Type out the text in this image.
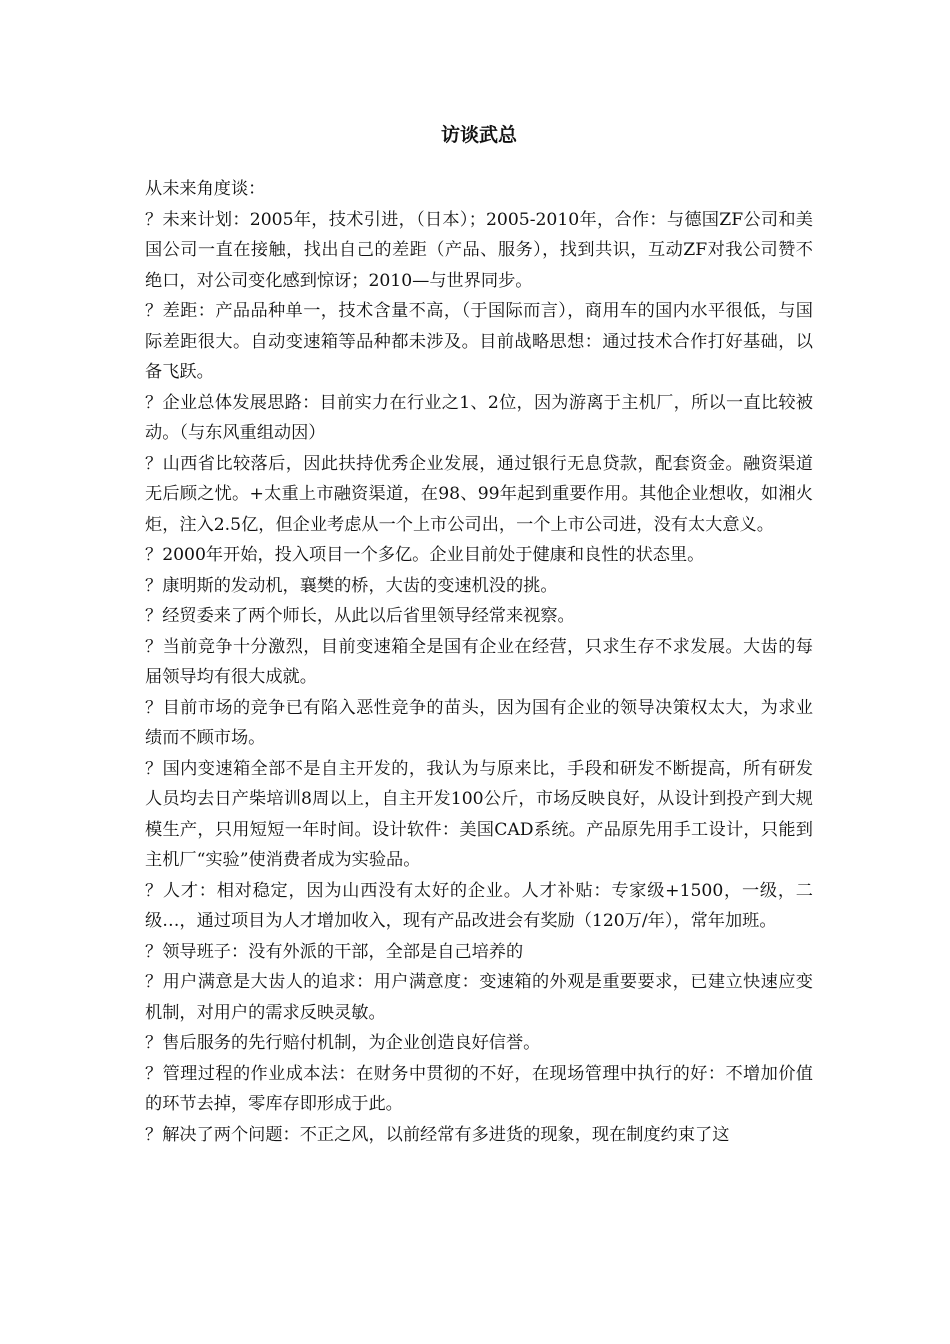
访谈武总

从未来角度谈：

？未来计划：2005年，技术引进，（日本）；2005-2010年，合作：与德国ZF公司和美国公司一直在接触，找出自己的差距（产品、服务），找到共识，互动ZF对我公司赞不绝口，对公司变化感到惊讶；2010—与世界同步。

？差距：产品品种单一，技术含量不高，（于国际而言），商用车的国内水平很低，与国际差距很大。自动变速箱等品种都未涉及。目前战略思想：通过技术合作打好基础，以备飞跃。

？企业总体发展思路：目前实力在行业之1、2位，因为游离于主机厂，所以一直比较被动。（与东风重组动因）

？山西省比较落后，因此扶持优秀企业发展，通过银行无息贷款，配套资金。融资渠道无后顾之忧。+太重上市融资渠道，在98、99年起到重要作用。其他企业想收，如湘火炬，注入2.5亿，但企业考虑从一个上市公司出，一个上市公司进，没有太大意义。

？2000年开始，投入项目一个多亿。企业目前处于健康和良性的状态里。

？康明斯的发动机，襄樊的桥，大齿的变速机没的挑。

？经贸委来了两个师长，从此以后省里领导经常来视察。

？当前竞争十分激烈，目前变速箱全是国有企业在经营，只求生存不求发展。大齿的每届领导均有很大成就。

？目前市场的竞争已有陷入恶性竞争的苗头，因为国有企业的领导决策权太大，为求业绩而不顾市场。

？国内变速箱全部不是自主开发的，我认为与原来比，手段和研发不断提高，所有研发人员均去日产柴培训8周以上，自主开发100公斤，市场反映良好，从设计到投产到大规模生产，只用短短一年时间。设计软件：美国CAD系统。产品原先用手工设计，只能到主机厂“实验”使消费者成为实验品。

？人才：相对稳定，因为山西没有太好的企业。人才补贴：专家级+1500，一级，二级…，通过项目为人才增加收入，现有产品改进会有奖励（120万/年），常年加班。

？领导班子：没有外派的干部，全部是自己培养的

？用户满意是大齿人的追求：用户满意度：变速箱的外观是重要要求，已建立快速应变机制，对用户的需求反映灵敏。

？售后服务的先行赔付机制，为企业创造良好信誉。

？管理过程的作业成本法：在财务中贯彻的不好，在现场管理中执行的好：不增加价值的环节去掉，零库存即形成于此。

？解决了两个问题：不正之风，以前经常有多进货的现象，现在制度约束了这
